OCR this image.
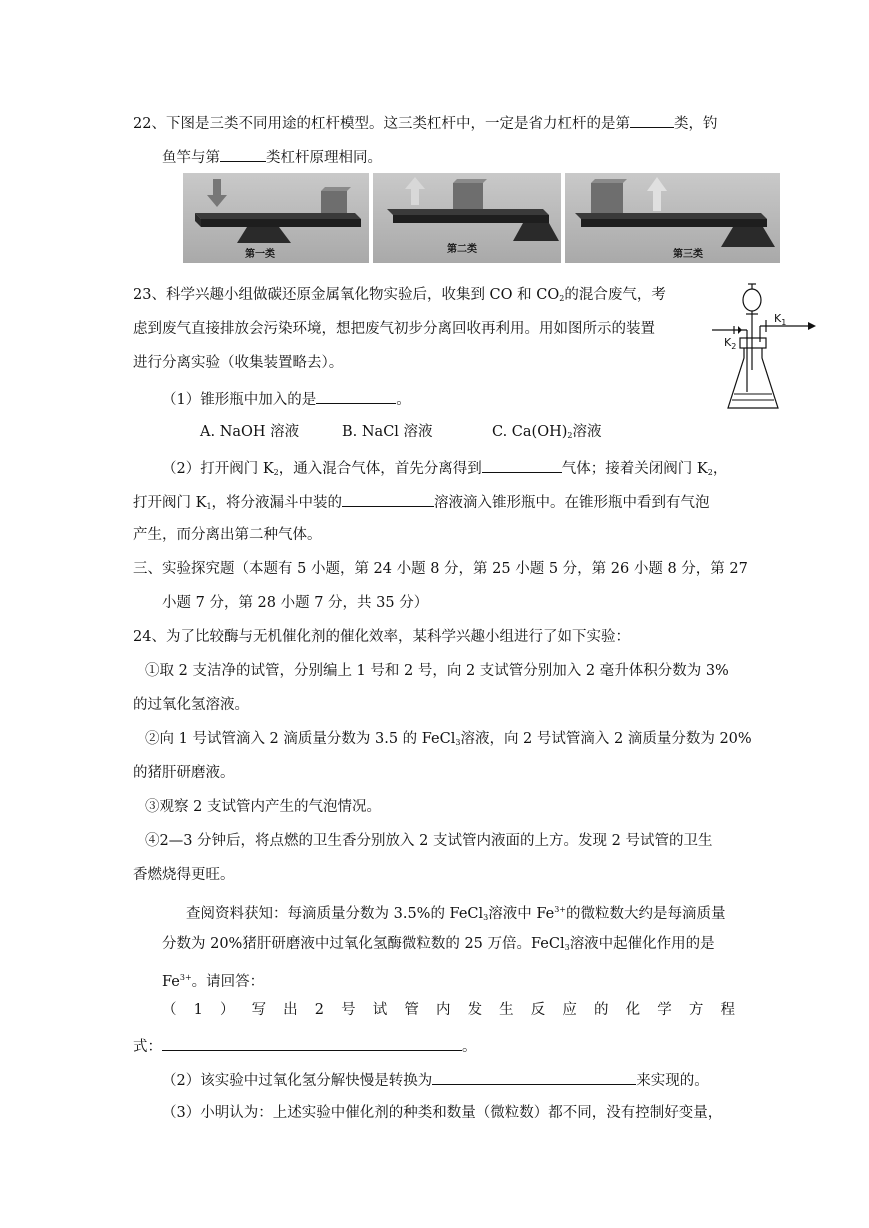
22、下图是三类不同用途的杠杆模型。这三类杠杆中，一定是省力杠杆的是第	类，钓
鱼竿与第	类杠杆原理相同。
第一类	第二类	第三类
23、科学兴趣小组做碳还原金属氧化物实验后，收集到 CO 和 $CO_2$的混合废气，考
虑到废气直接排放会污染环境，想把废气初步分离回收再利用。用如图所示的装置
进行分离实验（收集装置略去）。
（1）锥形瓶中加入的是	。
A. NaOH 溶液	B. NaCl 溶液	C. $Ca(OH)_2$溶液
（2）打开阀门 $K_2$，通入混合气体，首先分离得到	气体；接着关闭阀门 $K_2$，
打开阀门 $K_1$，将分液漏斗中装的	溶液滴入锥形瓶中。在锥形瓶中看到有气泡
产生，而分离出第二种气体。
$K_1$
$K_2$
三、实验探究题（本题有 5 小题，第 24 小题 8 分，第 25 小题 5 分，第 26 小题 8 分，第 27
小题 7 分，第 28 小题 7 分，共 35 分）
24、为了比较酶与无机催化剂的催化效率，某科学兴趣小组进行了如下实验：
①取 2 支洁净的试管，分别编上 1 号和 2 号，向 2 支试管分别加入 2 毫升体积分数为 3%
的过氧化氢溶液。
②向 1 号试管滴入 2 滴质量分数为 3.5 的 FeCl$_3$溶液，向 2 号试管滴入 2 滴质量分数为 20%
的猪肝研磨液。
③观察 2 支试管内产生的气泡情况。
④2—3 分钟后，将点燃的卫生香分别放入 2 支试管内液面的上方。发现 2 号试管的卫生
香燃烧得更旺。
查阅资料获知：每滴质量分数为 3.5%的 FeCl$_3$溶液中 $Fe^{3+}$的微粒数大约是每滴质量
分数为 20%猪肝研磨液中过氧化氢酶微粒数的 25 万倍。FeCl$_3$溶液中起催化作用的是
$Fe^{3+}$。请回答：
（ 1 ） 写 出 2 号 试 管 内 发 生 反 应 的 化 学 方 程
式：	。
（2）该实验中过氧化氢分解快慢是转换为	来实现的。
（3）小明认为：上述实验中催化剂的种类和数量（微粒数）都不同，没有控制好变量，
